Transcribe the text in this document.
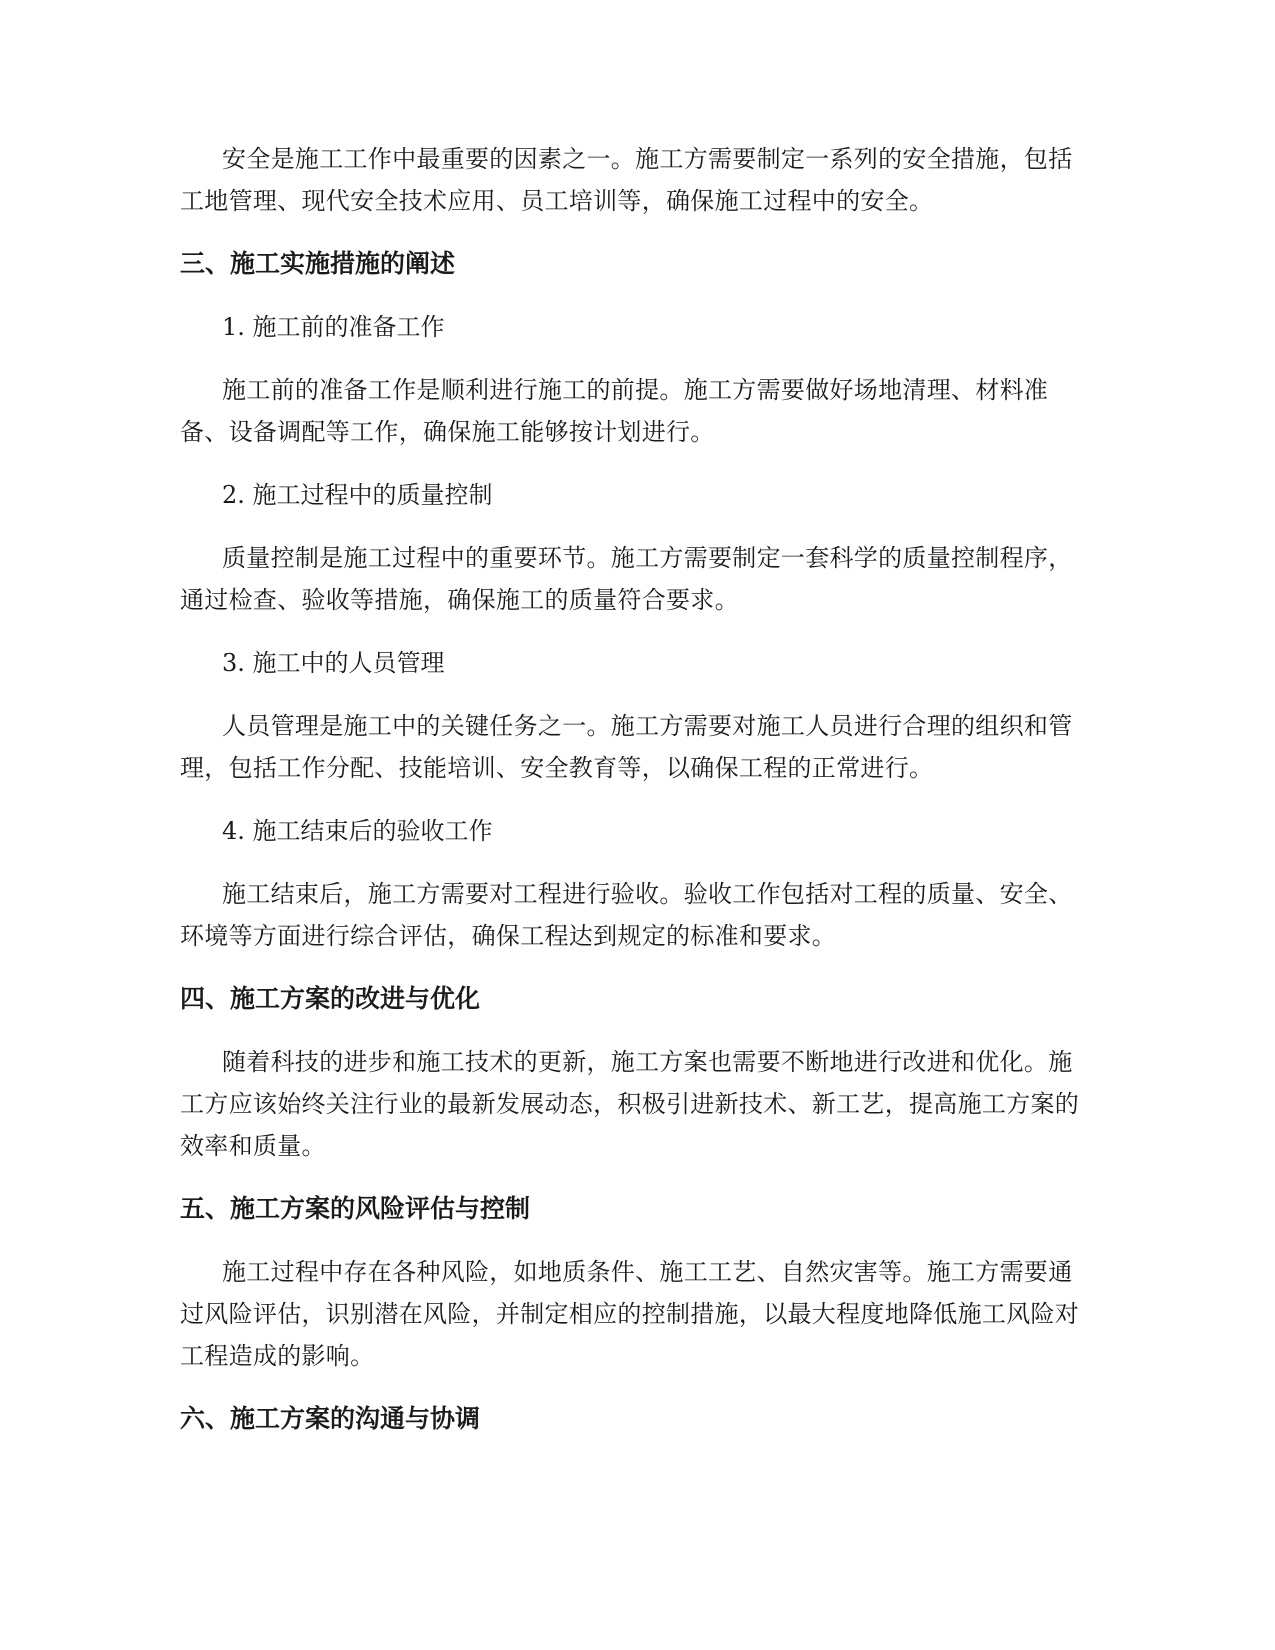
安全是施工工作中最重要的因素之一。施工方需要制定一系列的安全措施，包括工地管理、现代安全技术应用、员工培训等，确保施工过程中的安全。

三、施工实施措施的阐述

1. 施工前的准备工作

施工前的准备工作是顺利进行施工的前提。施工方需要做好场地清理、材料准备、设备调配等工作，确保施工能够按计划进行。

2. 施工过程中的质量控制

质量控制是施工过程中的重要环节。施工方需要制定一套科学的质量控制程序，通过检查、验收等措施，确保施工的质量符合要求。

3. 施工中的人员管理

人员管理是施工中的关键任务之一。施工方需要对施工人员进行合理的组织和管理，包括工作分配、技能培训、安全教育等，以确保工程的正常进行。

4. 施工结束后的验收工作

施工结束后，施工方需要对工程进行验收。验收工作包括对工程的质量、安全、环境等方面进行综合评估，确保工程达到规定的标准和要求。

四、施工方案的改进与优化

随着科技的进步和施工技术的更新，施工方案也需要不断地进行改进和优化。施工方应该始终关注行业的最新发展动态，积极引进新技术、新工艺，提高施工方案的效率和质量。

五、施工方案的风险评估与控制

施工过程中存在各种风险，如地质条件、施工工艺、自然灾害等。施工方需要通过风险评估，识别潜在风险，并制定相应的控制措施，以最大程度地降低施工风险对工程造成的影响。

六、施工方案的沟通与协调
